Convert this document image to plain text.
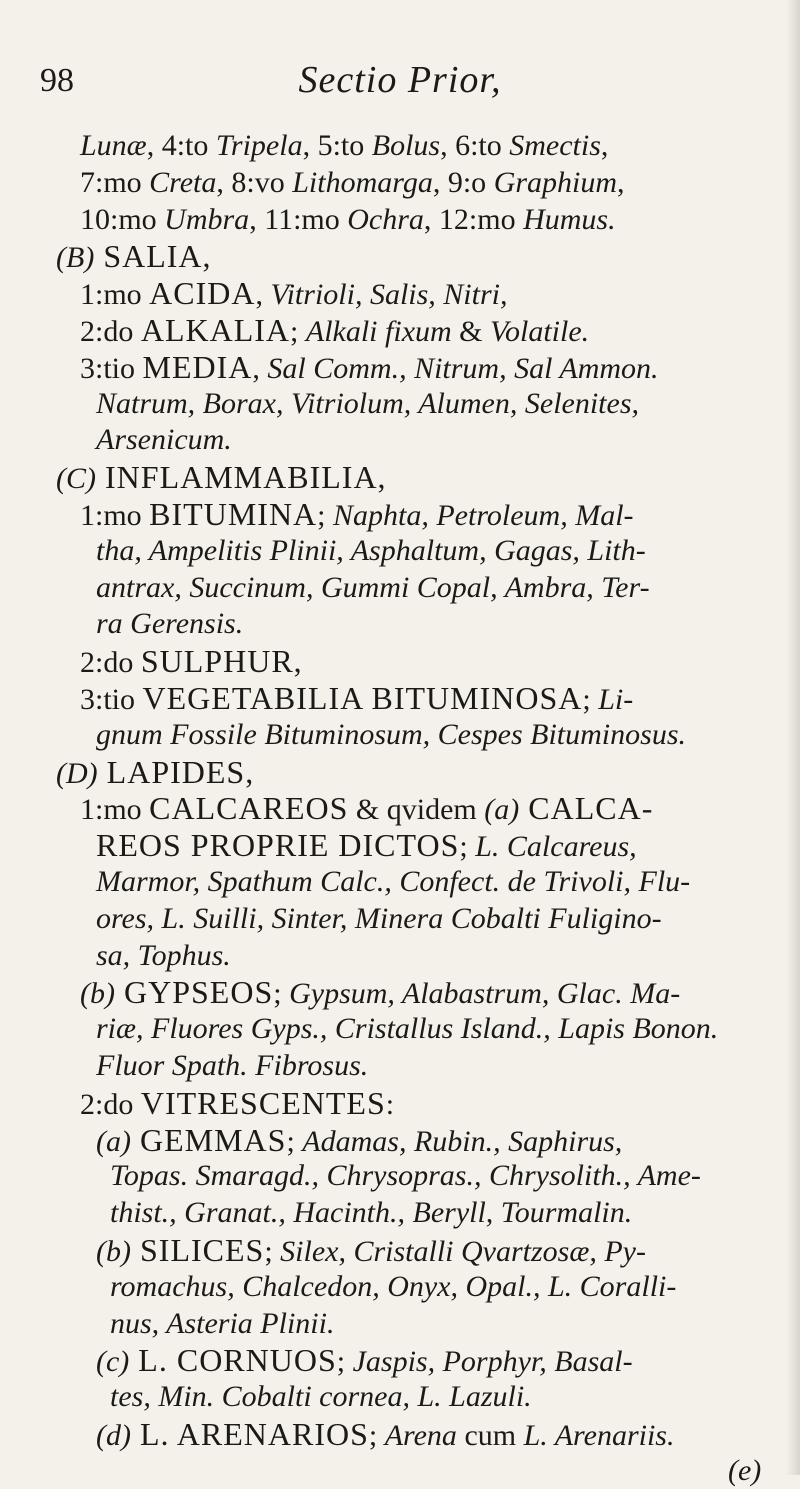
98	Sectio Prior,
Lunæ, 4:to Tripela, 5:to Bolus, 6:to Smectis,
7:mo Creta, 8:vo Lithomarga, 9:o Graphium,
10:mo Umbra, 11:mo Ochra, 12:mo Humus.
(B) SALIA,
1:mo ACIDA, Vitrioli, Salis, Nitri,
2:do ALKALIA; Alkali fixum & Volatile.
3:tio MEDIA, Sal Comm., Nitrum, Sal Ammon.
Natrum, Borax, Vitriolum, Alumen, Selenites,
Arsenicum.
(C) INFLAMMABILIA,
1:mo BITUMINA; Naphta, Petroleum, Mal-
tha, Ampelitis Plinii, Asphaltum, Gagas, Lith-
antrax, Succinum, Gummi Copal, Ambra, Ter-
ra Gerensis.
2:do SULPHUR,
3:tio VEGETABILIA BITUMINOSA; Li-
gnum Fossile Bituminosum, Cespes Bituminosus.
(D) LAPIDES,
1:mo CALCAREOS & qvidem (a) CALCA-
REOS PROPRIE DICTOS; L. Calcareus,
Marmor, Spathum Calc., Confect. de Trivoli, Flu-
ores, L. Suilli, Sinter, Minera Cobalti Fuligino-
sa, Tophus.
(b) GYPSEOS; Gypsum, Alabastrum, Glac. Ma-
riæ, Fluores Gyps., Cristallus Island., Lapis Bonon.
Fluor Spath. Fibrosus.
2:do VITRESCENTES:
(a) GEMMAS; Adamas, Rubin., Saphirus,
Topas. Smaragd., Chrysopras., Chrysolith., Ame-
thist., Granat., Hacinth., Beryll, Tourmalin.
(b) SILICES; Silex, Cristalli Qvartzosæ, Py-
romachus, Chalcedon, Onyx, Opal., L. Coralli-
nus, Asteria Plinii.
(c) L. CORNUOS; Jaspis, Porphyr, Basal-
tes, Min. Cobalti cornea, L. Lazuli.
(d) L. ARENARIOS; Arena cum L. Arenariis.
(e)
